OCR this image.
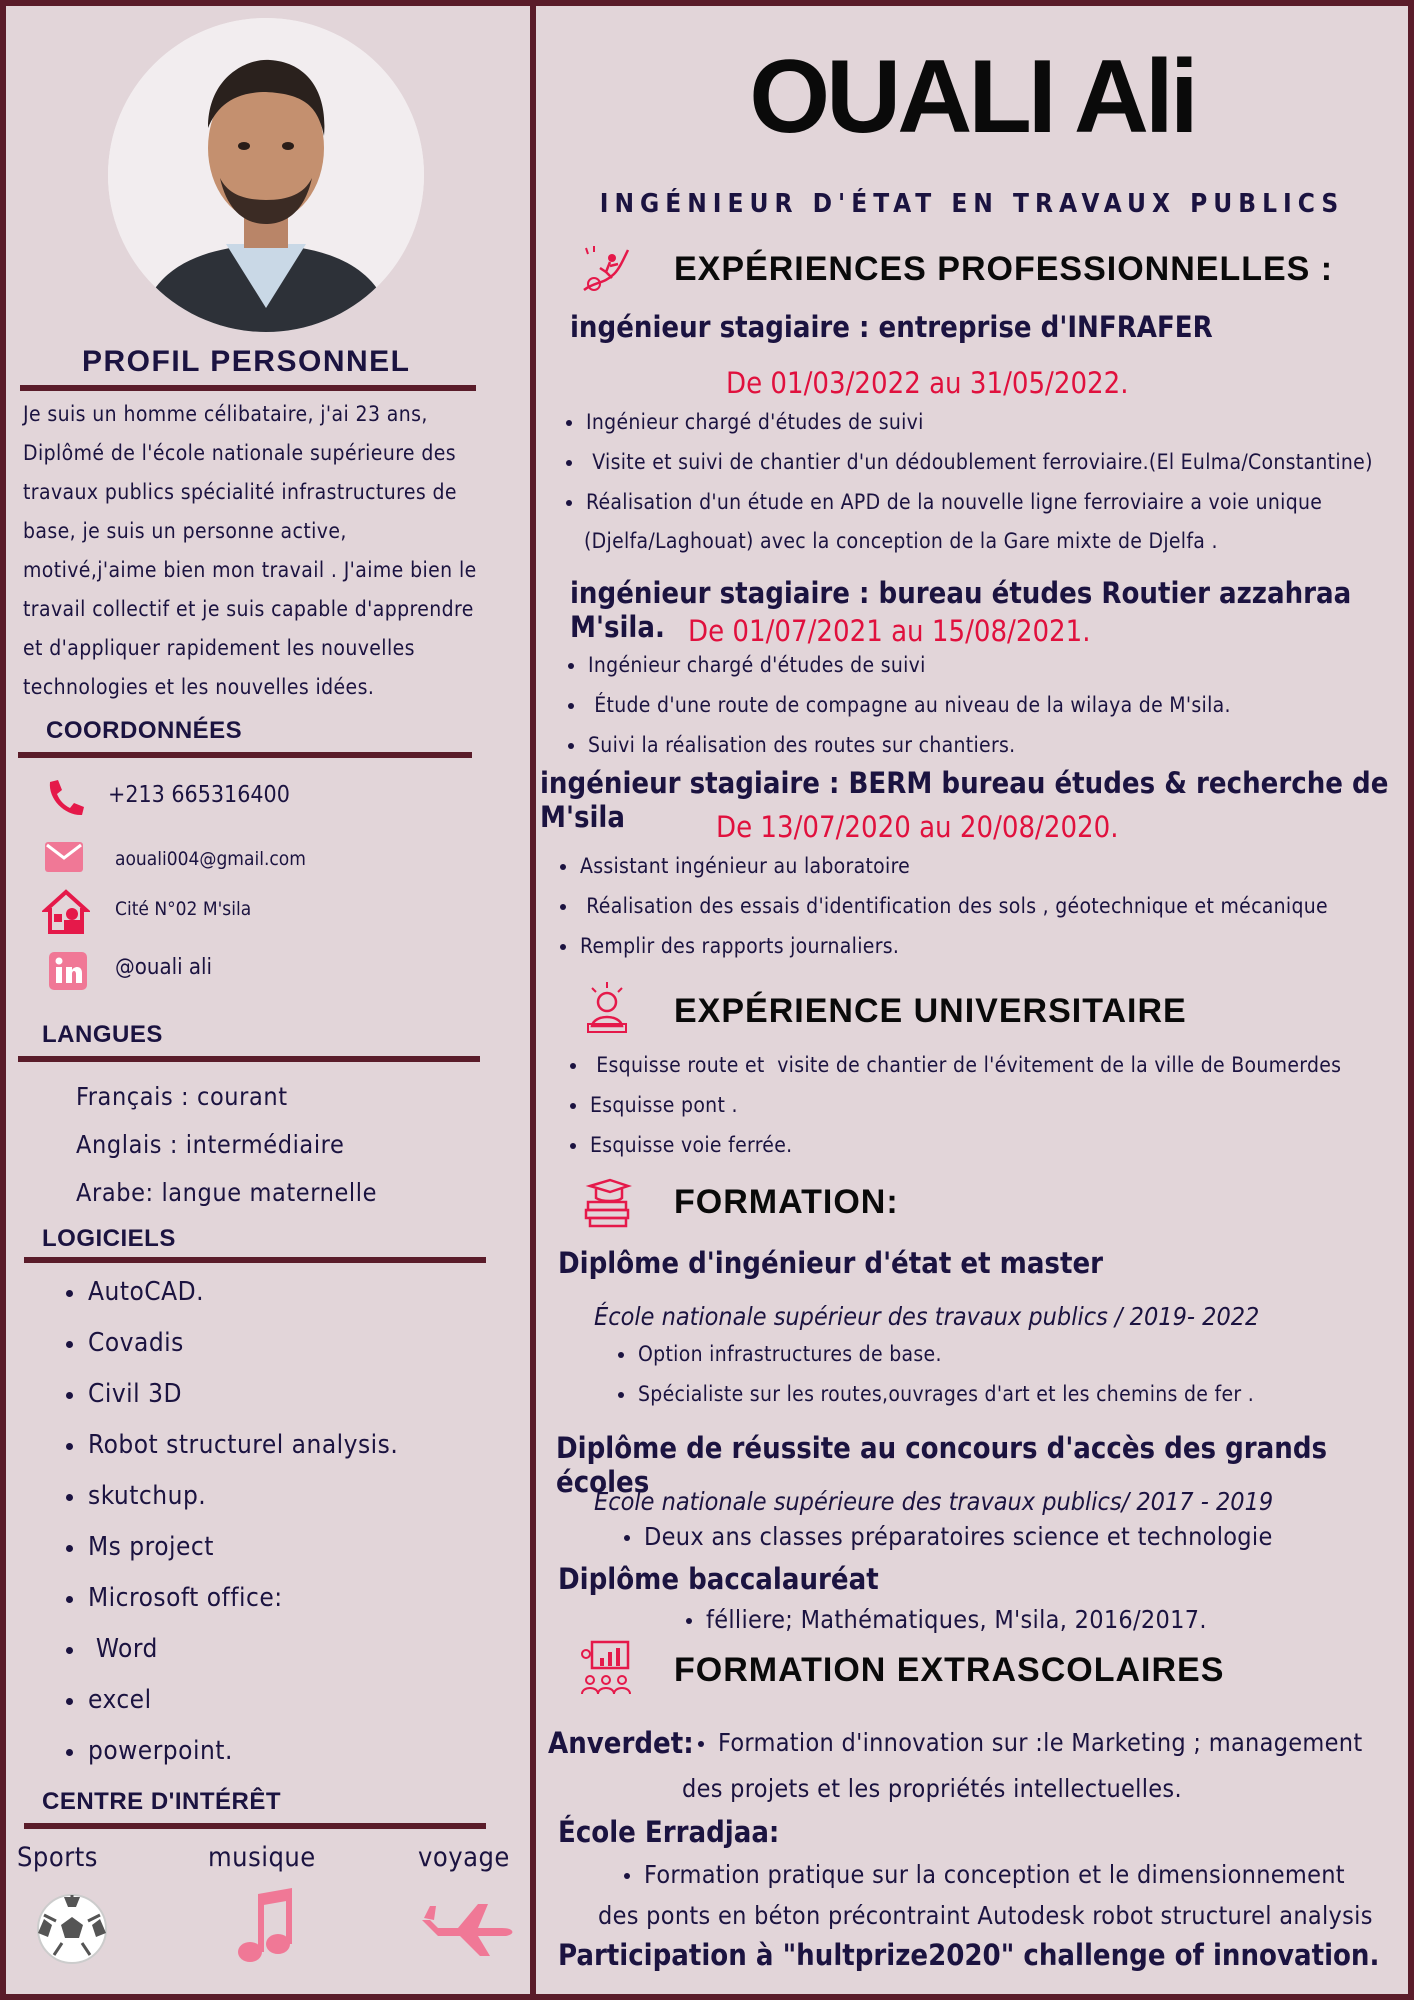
PROFIL PERSONNEL
Je suis un homme célibataire, j'ai 23 ans,
Diplômé de l'école nationale supérieure des
travaux publics spécialité infrastructures de
base, je suis un personne active,
motivé,j'aime bien mon travail . J'aime bien le
travail collectif et je suis capable d'apprendre
et d'appliquer rapidement les nouvelles
technologies et les nouvelles idées.
COORDONNÉES
+213 665316400
aouali004@gmail.com
Cité N°02 M'sila
@ouali ali
LANGUES
Français : courant
Anglais : intermédiaire
Arabe: langue maternelle
LOGICIELS
AutoCAD.
Covadis
Civil 3D
Robot structurel analysis.
skutchup.
Ms project
Microsoft office:
Word
excel
powerpoint.
CENTRE D'INTÉRÊT
Sports	musique	voyage
OUALI Ali
INGÉNIEUR D'ÉTAT EN TRAVAUX PUBLICS
EXPÉRIENCES PROFESSIONNELLES :
ingénieur stagiaire : entreprise d'INFRAFER
De 01/03/2022 au 31/05/2022.
Ingénieur chargé d'études de suivi
Visite et suivi de chantier d'un dédoublement ferroviaire.(El Eulma/Constantine)
Réalisation d'un étude en APD de la nouvelle ligne ferroviaire a voie unique
(Djelfa/Laghouat) avec la conception de la Gare mixte de Djelfa .
ingénieur stagiaire : bureau études Routier azzahraa M'sila. De 01/07/2021 au 15/08/2021.
Ingénieur chargé d'études de suivi
Étude d'une route de compagne au niveau de la wilaya de M'sila.
Suivi la réalisation des routes sur chantiers.
ingénieur stagiaire : BERM bureau études & recherche de M'sila	De 13/07/2020 au 20/08/2020.
Assistant ingénieur au laboratoire
Réalisation des essais d'identification des sols , géotechnique et mécanique
Remplir des rapports journaliers.
EXPÉRIENCE UNIVERSITAIRE
Esquisse route et  visite de chantier de l'évitement de la ville de Boumerdes
Esquisse pont .
Esquisse voie ferrée.
FORMATION:
Diplôme d'ingénieur d'état et master
École nationale supérieur des travaux publics / 2019- 2022
Option infrastructures de base.
Spécialiste sur les routes,ouvrages d'art et les chemins de fer .
Diplôme de réussite au concours d'accès des grands écoles
École nationale supérieure des travaux publics/ 2017 - 2019
Deux ans classes préparatoires science et technologie
Diplôme baccalauréat
félliere; Mathématiques, M'sila, 2016/2017.
FORMATION EXTRASCOLAIRES
Anverdet: Formation d'innovation sur :le Marketing ; management
des projets et les propriétés intellectuelles.
École Erradjaa:
Formation pratique sur la conception et le dimensionnement
des ponts en béton précontraint Autodesk robot structurel analysis
Participation à "hultprize2020" challenge of innovation.
